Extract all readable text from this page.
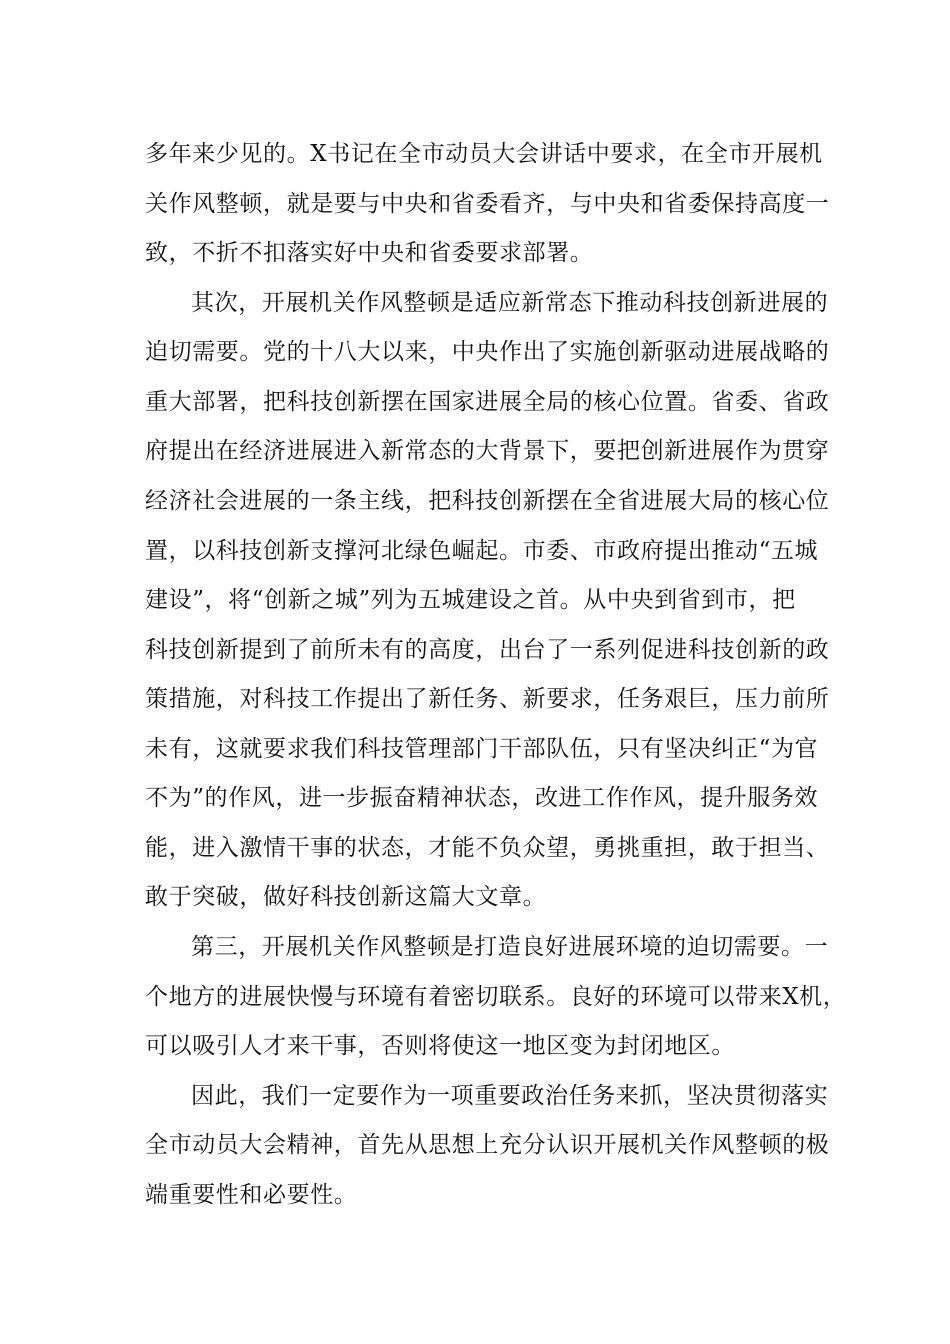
多年来少见的。X书记在全市动员大会讲话中要求，在全市开展机
关作风整顿，就是要与中央和省委看齐，与中央和省委保持高度一
致，不折不扣落实好中央和省委要求部署。
其次，开展机关作风整顿是适应新常态下推动科技创新进展的
迫切需要。党的十八大以来，中央作出了实施创新驱动进展战略的
重大部署，把科技创新摆在国家进展全局的核心位置。省委、省政
府提出在经济进展进入新常态的大背景下，要把创新进展作为贯穿
经济社会进展的一条主线，把科技创新摆在全省进展大局的核心位
置，以科技创新支撑河北绿色崛起。市委、市政府提出推动“五城
建设”，将“创新之城”列为五城建设之首。从中央到省到市，把
科技创新提到了前所未有的高度，出台了一系列促进科技创新的政
策措施，对科技工作提出了新任务、新要求，任务艰巨，压力前所
未有，这就要求我们科技管理部门干部队伍，只有坚决纠正“为官
不为”的作风，进一步振奋精神状态，改进工作作风，提升服务效
能，进入激情干事的状态，才能不负众望，勇挑重担，敢于担当、
敢于突破，做好科技创新这篇大文章。
第三，开展机关作风整顿是打造良好进展环境的迫切需要。一
个地方的进展快慢与环境有着密切联系。良好的环境可以带来X机，
可以吸引人才来干事，否则将使这一地区变为封闭地区。
因此，我们一定要作为一项重要政治任务来抓，坚决贯彻落实
全市动员大会精神，首先从思想上充分认识开展机关作风整顿的极
端重要性和必要性。
